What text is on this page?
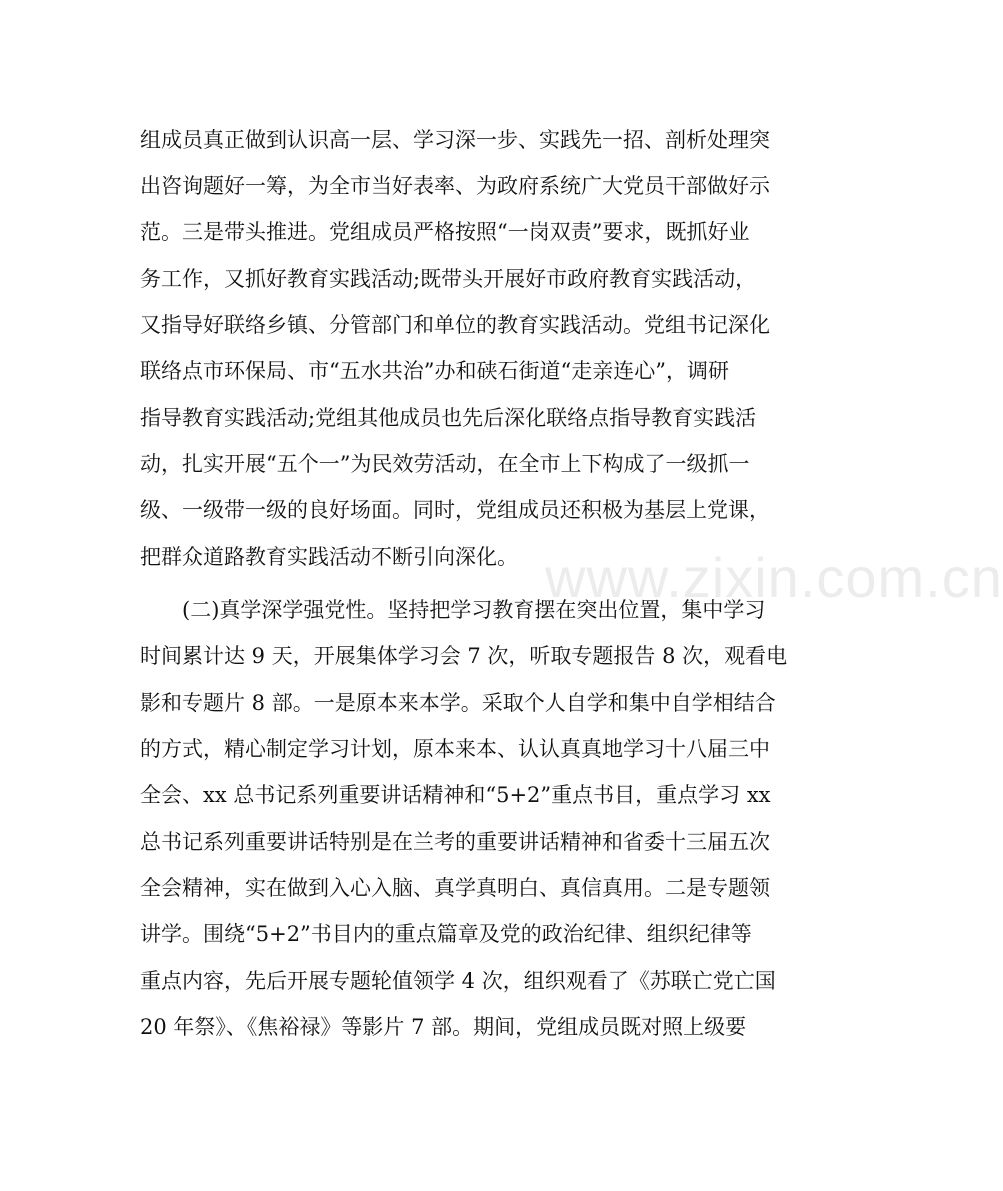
组成员真正做到认识高一层、学习深一步、实践先一招、剖析处理突
出咨询题好一筹，为全市当好表率、为政府系统广大党员干部做好示
范。三是带头推进。党组成员严格按照“一岗双责”要求，既抓好业
务工作，又抓好教育实践活动;既带头开展好市政府教育实践活动，
又指导好联络乡镇、分管部门和单位的教育实践活动。党组书记深化
联络点市环保局、市“五水共治”办和硖石街道“走亲连心”，调研
指导教育实践活动;党组其他成员也先后深化联络点指导教育实践活
动，扎实开展“五个一”为民效劳活动，在全市上下构成了一级抓一
级、一级带一级的良好场面。同时，党组成员还积极为基层上党课，
把群众道路教育实践活动不断引向深化。
(二)真学深学强党性。坚持把学习教育摆在突出位置，集中学习
时间累计达 9 天，开展集体学习会 7 次，听取专题报告 8 次，观看电
影和专题片 8 部。一是原本来本学。采取个人自学和集中自学相结合
的方式，精心制定学习计划，原本来本、认认真真地学习十八届三中
全会、xx 总书记系列重要讲话精神和“5+2”重点书目，重点学习 xx
总书记系列重要讲话特别是在兰考的重要讲话精神和省委十三届五次
全会精神，实在做到入心入脑、真学真明白、真信真用。二是专题领
讲学。围绕“5+2”书目内的重点篇章及党的政治纪律、组织纪律等
重点内容，先后开展专题轮值领学 4 次，组织观看了《苏联亡党亡国
20 年祭》、《焦裕禄》等影片 7 部。期间，党组成员既对照上级要
www.zixin.com.cn
